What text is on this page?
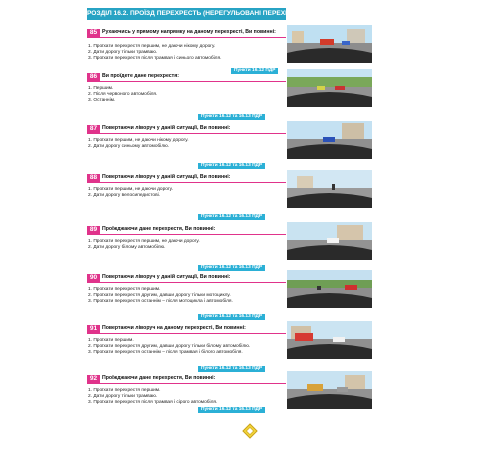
РОЗДІЛ 16.2. ПРОЇЗД ПЕРЕХРЕСТЬ (НЕРЕГУЛЬОВАНІ ПЕРЕХРЕСТЯ)
85 Рухаючись у прямому напрямку на даному перехресті, Ви повинні:
1. Проїхати перехрестя першим, не даючи нікому дорогу.
2. Дати дорогу тільки трамваю.
3. Проїхати перехрестя після трамвая і синього автомобіля.
Пункти 16.12 ПДР
86 Ви проїдете дане перехрестя:
1. Першим.
2. Після червоного автомобіля.
3. Останнім.
Пункти 16.12 та 16.13 ПДР
87 Повертаючи ліворуч у даній ситуації, Ви повинні:
1. Проїхати першим, не даючи нікому дорогу.
2. Дати дорогу синьому автомобілю.
Пункти 16.12 та 16.13 ПДР
88 Повертаючи ліворуч у даній ситуації, Ви повинні:
1. Проїхати першим, не даючи дорогу.
2. Дати дорогу велосипедистові.
Пункти 16.12 та 16.13 ПДР
89 Проїжджаючи дане перехрестя, Ви повинні:
1. Проїхати перехрестя першим, не даючи дорогу.
2. Дати дорогу білому автомобілю.
Пункти 16.12 та 16.13 ПДР
90 Повертаючи ліворуч у даній ситуації, Ви повинні:
1. Проїхати перехрестя першим.
2. Проїхати перехрестя другим, давши дорогу тільки мотоциклу.
3. Проїхати перехрестя останнім – після мотоцикла і автомобіля.
Пункти 16.12 та 16.13 ПДР
91 Повертаючи ліворуч на даному перехресті, Ви повинні:
1. Проїхати першим.
2. Проїхати перехрестя другим, давши дорогу тільки білому автомобілю.
3. Проїхати перехрестя останнім – після трамвая і білого автомобіля.
Пункти 16.12 та 16.13 ПДР
92 Проїжджаючи дане перехрестя, Ви повинні:
1. Проїхати перехрестя першим.
2. Дати дорогу тільки трамваю.
3. Проїхати перехрестя після трамвая і сірого автомобіля.
Пункти 16.12 та 16.13 ПДР
